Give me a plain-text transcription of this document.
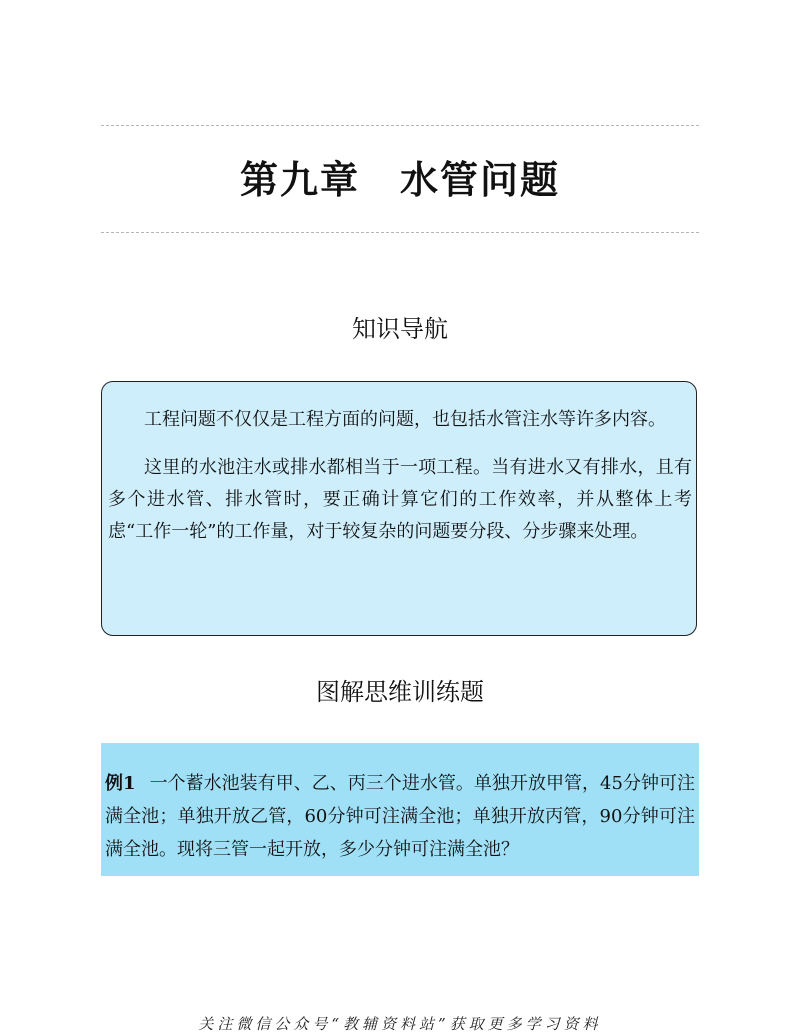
第九章　水管问题
知识导航

工程问题不仅仅是工程方面的问题，也包括水管注水等许多内容。

这里的水池注水或排水都相当于一项工程。当有进水又有排水，且有多个进水管、排水管时，要正确计算它们的工作效率，并从整体上考虑“工作一轮”的工作量，对于较复杂的问题要分段、分步骤来处理。

图解思维训练题

例1 一个蓄水池装有甲、乙、丙三个进水管。单独开放甲管，45分钟可注满全池；单独开放乙管，60分钟可注满全池；单独开放丙管，90分钟可注满全池。现将三管一起开放，多少分钟可注满全池？

关注微信公众号“教辅资料站”获取更多学习资料
